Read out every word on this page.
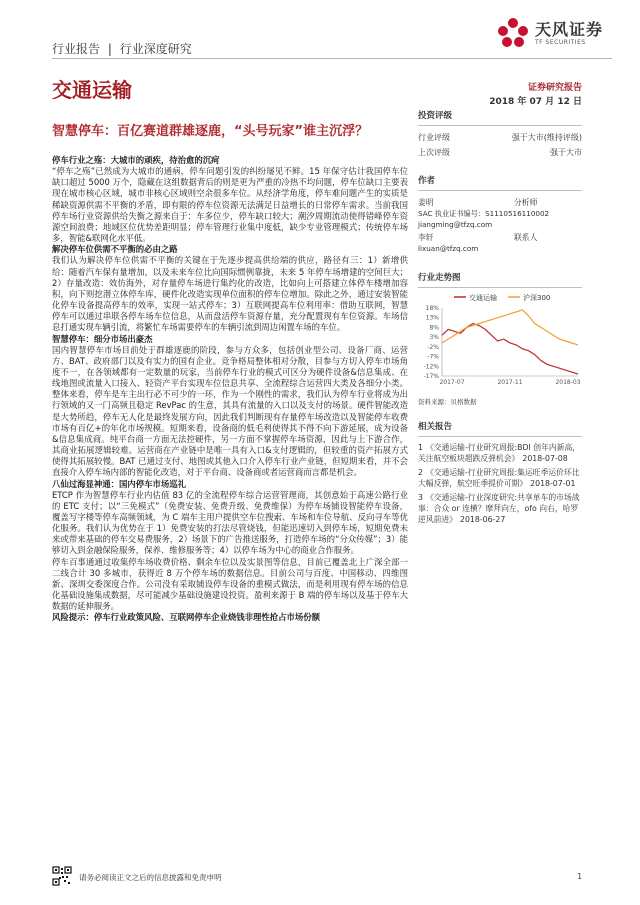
天风证券
TF SECURITIES
行业报告 | 行业深度研究
交通运输	证券研究报告
2018 年 07 月 12 日
智慧停车：百亿赛道群雄逐鹿，“头号玩家”谁主沉浮？

停车行业之殇：大城市的顽疾，待治愈的沉疴

“停车之殇”已然成为大城市的通病，停车问题引发的纠纷屡见不鲜。15 年保守估计我国停车位缺口超过 5000 万个，隐藏在这组数据背后的则是更为严重的冷热不均问题，停车位缺口主要表现在城市核心区域，城市非核心区域则空余很多车位。从经济学角度，停车难问题产生的实质是稀缺资源供需不平衡的矛盾，即有限的停车位资源无法满足日益增长的日常停车需求。当前我国停车场行业资源供给失衡之源来自于：车多位少，停车缺口较大；潮汐周期流动使得错峰停车资源空间浪费；地域区位优势差距明显；停车管理行业集中度低，缺少专业管理模式；传统停车场多，智能&联网化水平低。

解决停车位供需不平衡的必由之路

我们认为解决停车位供需不平衡的关键在于先逐步提高供给端的供应，路径有三：1）新增供给：随着汽车保有量增加，以及未来车位比向国际惯例靠拢，未来 5 年停车场增建的空间巨大；2）存量改造：效仿海外，对存量停车场进行集约化的改造，比如向上可搭建立体停车楼增加容积，向下则挖潜立体停车库，硬件化改造实现单位面积的停车位增加。除此之外，通过安装智能化停车设备提高停车的效率，实现一站式停车；3）互联网提高车位利用率：借助互联网，智慧停车可以通过串联各停车场车位信息，从而盘活停车资源存量，充分配置现有车位资源。车场信息打通实现车辆引流，将繁忙车场需要停车的车辆引流到周边闲置车场的车位。

智慧停车：细分市场出豪杰

国内智慧停车市场目前处于群雄逐鹿的阶段，参与方众多，包括创业型公司、设备厂商、运营方、BAT、政府部门以及有实力的国有企业。竞争格局整体相对分散，目参与方切入停车市场角度不一，在各领域都有一定数量的玩家，当前停车行业的模式可区分为硬件设备&信息集成、在线地图或流量入口接入、轻资产平台实现车位信息共享、全流程综合运营四大类及各细分小类。整体来看，停车是车主出行必不可少的一环，作为一个刚性的需求，我们认为停车行业将成为出行领域的又一门高频且稳定 RevPac 的生意，其具有流量的入口以及支付的场景。硬件智能改造是大势所趋，停车无人化是最终发展方向，因此我们判断现有存量停车场改造以及智能停车收费市场有百亿+的年化市场规模。短期来看，设备商的低毛利使得其不得不向下游延展，成为设备&信息集成商。纯平台商一方面无法控硬件，另一方面不掌握停车场资源，因此与上下游合作，其商业拓展逻辑较难。运营商在产业链中是唯一具有入口&支付逻辑的，但较重的资产拓展方式使得其拓展较慢。BAT 已通过支付、地图或其他入口介入停车行业产业链，但短期来看，并不会直接介入停车场内部的智能化改造，对于平台商、设备商或者运营商而言都是机会。

八仙过海显神通：国内停车市场巡礼

ETCP 作为智慧停车行业内估值 83 亿的全流程停车综合运营管理商，其创意始于高速公路行业的 ETC 支付；以“三免模式”（免费安装、免费升级、免费维保）为停车场铺设智能停车设备，覆盖写字楼等停车高频领域，为 C 端车主用户提供空车位搜索、车场和车位导航、反向寻车等优化服务。我们认为优势在于 1）免费安装的打法尽管烧钱，但能迅速切入到停车场，短期免费未来或带来基础的停车交易费服务，2）场景下的广告推送服务，打造停车场的“分众传媒”；3）能够切入到金融保险服务，保养、维修服务等；4）以停车场为中心的商业合作服务。

停车百事通通过收集停车场收费价格、剩余车位以及实景图等信息，目前已覆盖北上广深全部一二线合计 30 多城市，获得近 8 万个停车场的数据信息。目前公司与百度、中国移动、四维图新、深圳交委深度合作。公司没有采取铺设停车设备的重模式做法，而是利用现有停车场的信息化基础设施集成数据，尽可能减少基础设施建设投资。盈利来源于 B 端的停车场以及基于停车大数据的延伸服务。

风险提示：停车行业政策风险、互联网停车企业烧钱非理性抢占市场份额

投资评级
行业评级	强于大市(维持评级)
上次评级	强于大市
作者
姜明	分析师
SAC 执业证书编号：S1110516110002
jiangming@tfzq.com
李轩	联系人
lixuan@tfzq.com
行业走势图
交通运输	沪深300
18%
13%
8%
3%
-2%
-7%
-12%
-17%
2017-07	2017-11	2018-03
资料来源：贝格数据
相关报告
1 《交通运输-行业研究周报:BDI 创年内新高，关注航空板块超跌反弹机会》 2018-07-08
2 《交通运输-行业研究周报:集运旺季运价环比大幅反弹，航空旺季提价可期》 2018-07-01
3 《交通运输-行业深度研究:共享单车的市场战事：合众 or 连横？摩拜向左，ofo 向右，哈罗逆风前进》 2018-06-27
请务必阅读正文之后的信息披露和免责申明	1
